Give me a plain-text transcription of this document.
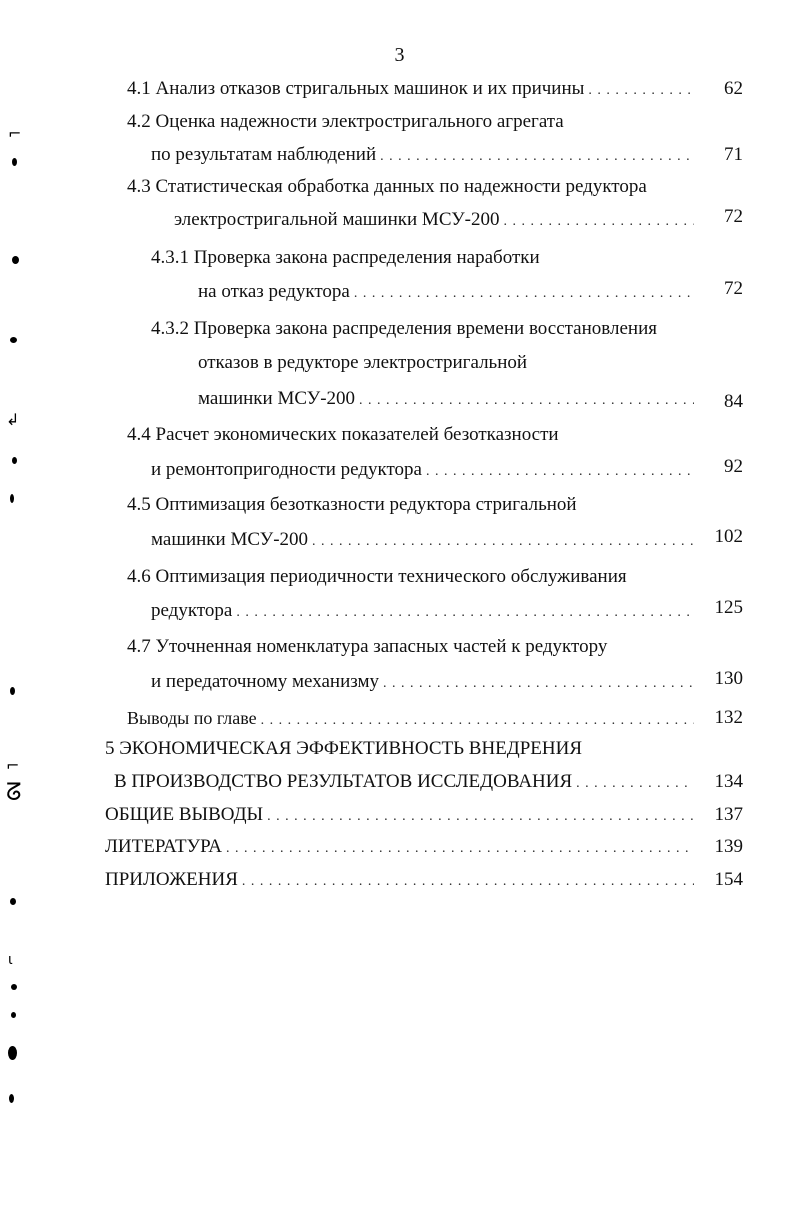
3
4.1 Анализ отказов стригальных машинок и их причины . . .	62
4.2 Оценка надежности электростригального агрегата
по результатам наблюдений . . .	71
4.3 Статистическая обработка данных по надежности редуктора
электростригальной машинки МСУ-200 . . .	72
4.3.1 Проверка закона распределения наработки
на отказ редуктора . . .	72
4.3.2 Проверка закона распределения времени восстановления
отказов в редукторе электростригальной
машинки МСУ-200 . . .	84
4.4 Расчет экономических показателей безотказности
и ремонтопригодности редуктора . . .	92
4.5 Оптимизация безотказности редуктора стригальной
машинки МСУ-200 . . .	102
4.6 Оптимизация периодичности технического обслуживания
редуктора . . .	125
4.7 Уточненная номенклатура запасных частей к редуктору
и передаточному механизму . . .	130
Выводы по главе . . .	132
5 ЭКОНОМИЧЕСКАЯ ЭФФЕКТИВНОСТЬ ВНЕДРЕНИЯ
В ПРОИЗВОДСТВО РЕЗУЛЬТАТОВ ИССЛЕДОВАНИЯ . . .	134
ОБЩИЕ ВЫВОДЫ . . .	137
ЛИТЕРАТУРА . . .	139
ПРИЛОЖЕНИЯ . . .	154
⌐
↲
⌐
ᘔ
ɩ
